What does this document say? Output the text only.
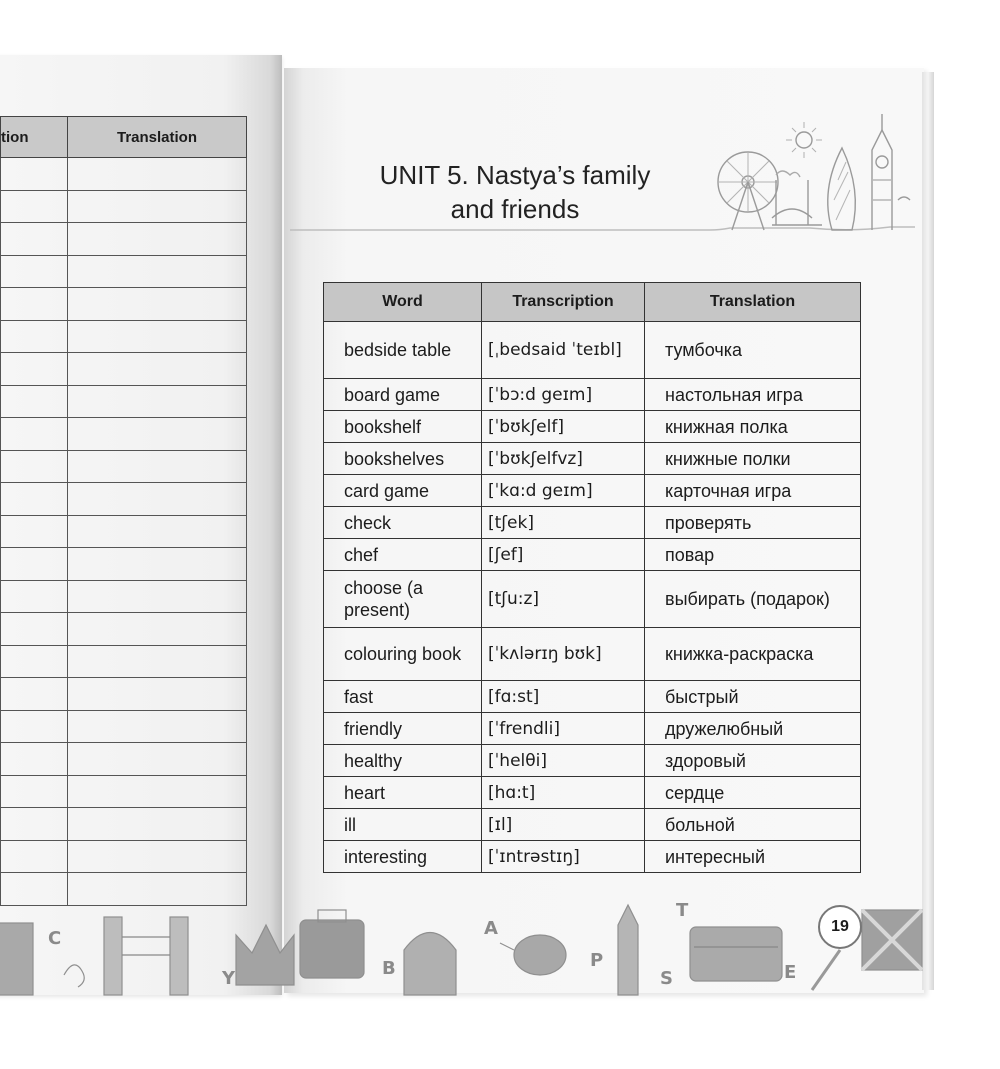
tion	Translation

UNIT 5. Nastya’s family
and friends
Word	Transcription	Translation
bedside table	[ˌbedsaid ˈteɪbl]	тумбочка
board game	[ˈbɔ:d geɪm]	настольная игра
bookshelf	[ˈbʊkʃelf]	книжная полка
bookshelves	[ˈbʊkʃelfvz]	книжные полки
card game	[ˈkɑ:d geɪm]	карточная игра
check	[tʃek]	проверять
chef	[ʃef]	повар
choose (a present)	[tʃu:z]	выбирать (подарок)
colouring book	[ˈkʌlərɪŋ bʊk]	книжка-раскраска
fast	[fɑ:st]	быстрый
friendly	[ˈfrendli]	дружелюбный
healthy	[ˈhelθi]	здоровый
heart	[hɑ:t]	сердце
ill	[ɪl]	больной
interesting	[ˈɪntrəstɪŋ]	интересный
C
Y	B
A
P
S
T
E
19
